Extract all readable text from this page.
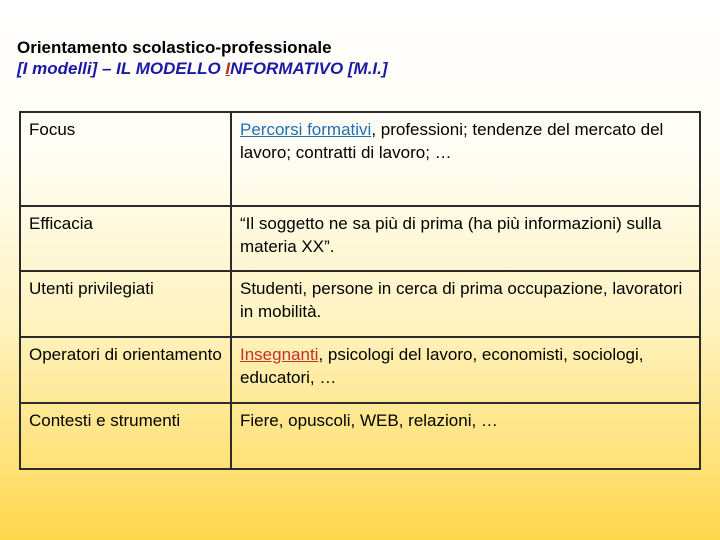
Orientamento scolastico-professionale
[I modelli] – IL MODELLO INFORMATIVO [M.I.]
Focus	Percorsi formativi, professioni; tendenze del mercato del lavoro; contratti di lavoro; …
Efficacia	“Il soggetto ne sa più di prima (ha più informazioni) sulla materia XX”.
Utenti privilegiati	Studenti, persone in cerca di prima occupazione, lavoratori in mobilità.
Operatori di orientamento	Insegnanti, psicologi del lavoro, economisti, sociologi, educatori, …
Contesti e strumenti	Fiere, opuscoli, WEB, relazioni, …
